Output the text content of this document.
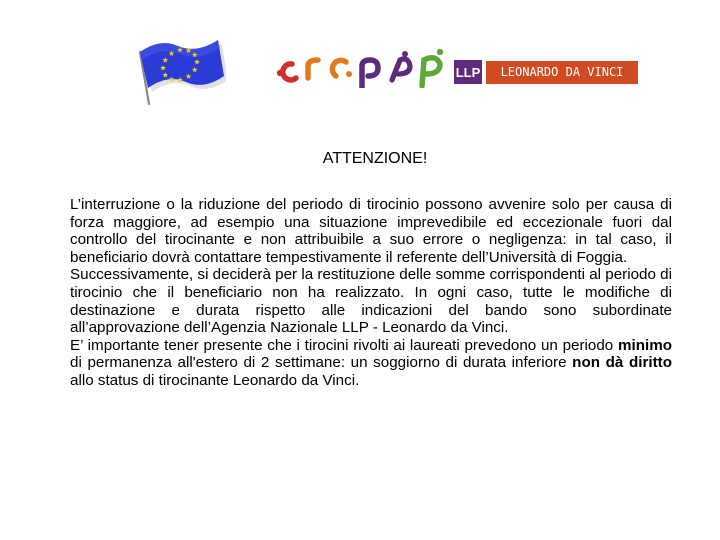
LLP	LEONARDO DA VINCI
ATTENZIONE!

L’interruzione o la riduzione del periodo di tirocinio possono avvenire solo per causa di forza maggiore, ad esempio una situazione imprevedibile ed eccezionale fuori dal controllo del tirocinante e non attribuibile a suo errore o negligenza: in tal caso, il beneficiario dovrà contattare tempestivamente il referente dell’Università di Foggia.

Successivamente, si deciderà per la restituzione delle somme corrispondenti al periodo di tirocinio che il beneficiario non ha realizzato. In ogni caso, tutte le modifiche di destinazione e durata rispetto alle indicazioni del bando sono subordinate all’approvazione dell’Agenzia Nazionale LLP - Leonardo da Vinci.

E’ importante tener presente che i tirocini rivolti ai laureati prevedono un periodo minimo di permanenza all'estero di 2 settimane: un soggiorno di durata inferiore non dà diritto allo status di tirocinante Leonardo da Vinci.
